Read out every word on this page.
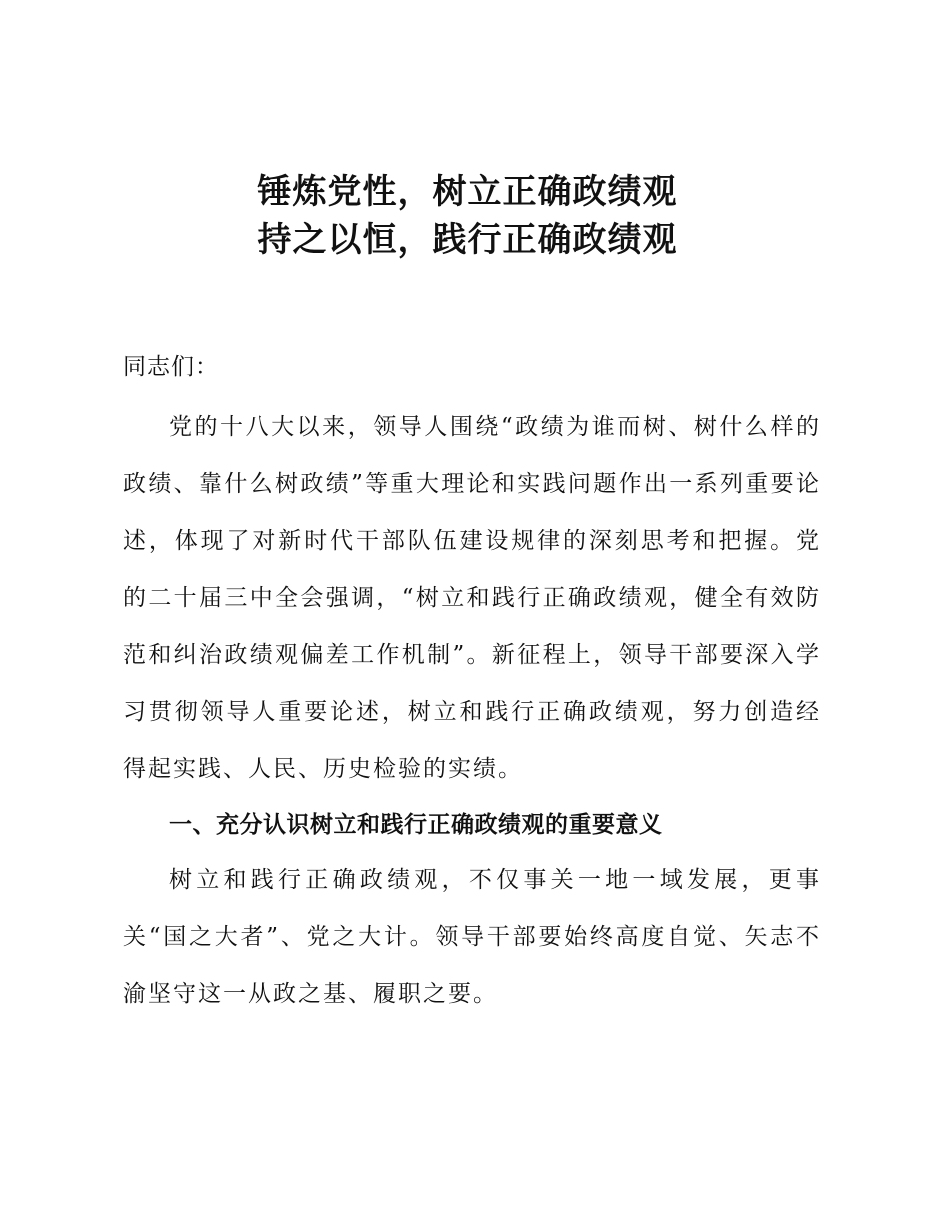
锤炼党性，树立正确政绩观

持之以恒，践行正确政绩观

同志们：

党的十八大以来，领导人围绕“政绩为谁而树、树什么样的政绩、靠什么树政绩”等重大理论和实践问题作出一系列重要论述，体现了对新时代干部队伍建设规律的深刻思考和把握。党的二十届三中全会强调，“树立和践行正确政绩观，健全有效防范和纠治政绩观偏差工作机制”。新征程上，领导干部要深入学习贯彻领导人重要论述，树立和践行正确政绩观，努力创造经得起实践、人民、历史检验的实绩。

一、充分认识树立和践行正确政绩观的重要意义

树立和践行正确政绩观，不仅事关一地一域发展，更事关“国之大者”、党之大计。领导干部要始终高度自觉、矢志不渝坚守这一从政之基、履职之要。
